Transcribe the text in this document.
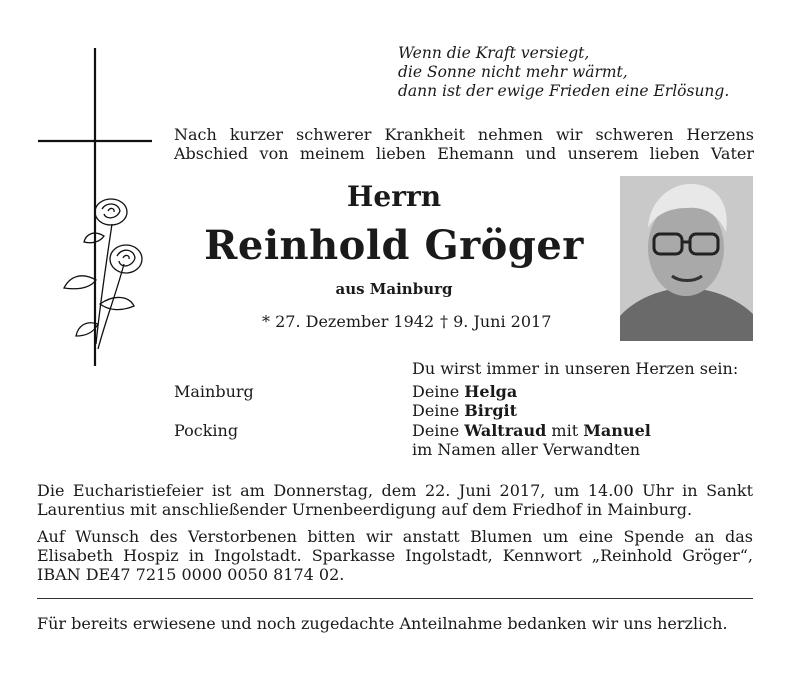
Wenn die Kraft versiegt,
die Sonne nicht mehr wärmt,
dann ist der ewige Frieden eine Erlösung.
Nach kurzer schwerer Krankheit nehmen wir schweren Herzens
Abschied von meinem lieben Ehemann und unserem lieben Vater
Herrn
Reinhold Gröger
aus Mainburg
* 27. Dezember 1942 † 9. Juni 2017
Du wirst immer in unseren Herzen sein:
Mainburg
Pocking
Deine Helga
Deine Birgit
Deine Waltraud mit Manuel
im Namen aller Verwandten
Die Eucharistiefeier ist am Donnerstag, dem 22. Juni 2017, um 14.00 Uhr in Sankt
Laurentius mit anschließender Urnenbeerdigung auf dem Friedhof in Mainburg.
Auf Wunsch des Verstorbenen bitten wir anstatt Blumen um eine Spende an das
Elisabeth Hospiz in Ingolstadt. Sparkasse Ingolstadt, Kennwort „Reinhold Gröger“,
IBAN DE47 7215 0000 0050 8174 02.
Für bereits erwiesene und noch zugedachte Anteilnahme bedanken wir uns herzlich.
